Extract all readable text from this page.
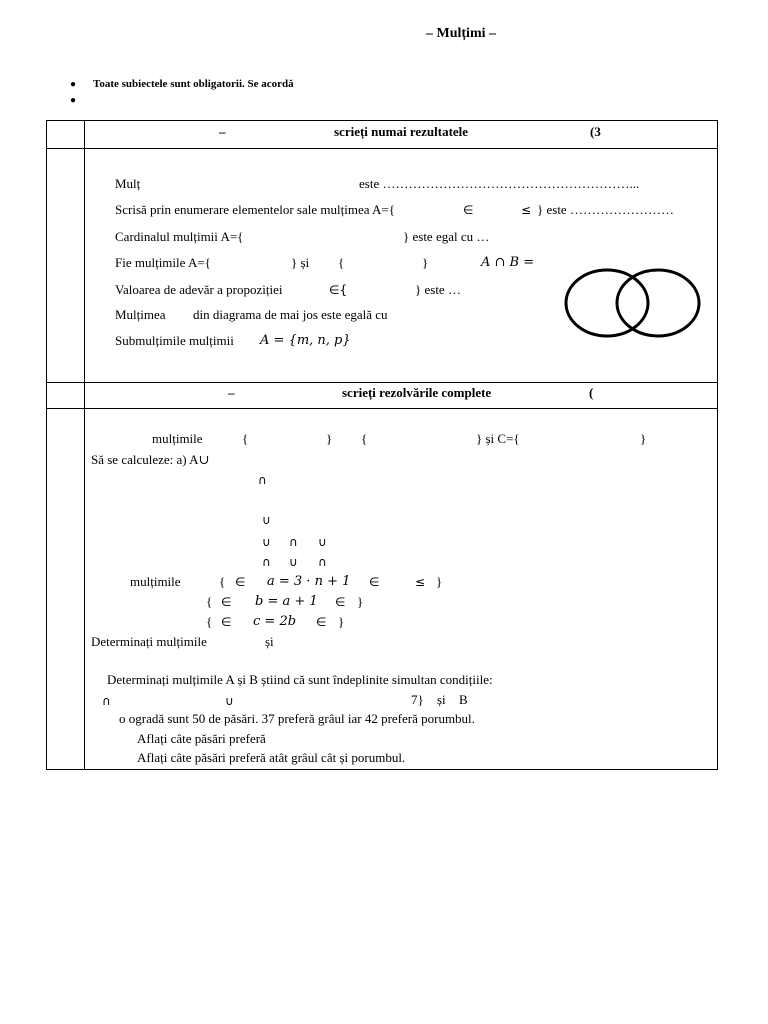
– Mulțimi –
● Toate subiectele sunt obligatorii. Se acordă
●
–	scrieți numai rezultatele	(3
Mulț	este …………………………………………………...
Scrisă prin enumerare elementelor sale mulțimea A={	∈	≤ } este ……………………
Cardinalul mulțimii A={	} este egal cu …
Fie mulțimile A={	} și {	}	A ∩ B =
Valoarea de adevăr a propoziției	∈{	} este …
Mulțimea din diagrama de mai jos este egală cu
Submulțimile mulțimii A = {m, n, p}
–	scrieți rezolvările complete	(
mulțimile	{	} {	} și C={	}
Să se calculeze: a) A∪
∩
∪
∪ ∩ ∪
∩ ∪ ∩
mulțimile	{ ∈ a = 3 · n + 1 ∈	≤ }
{ ∈ b = a + 1 ∈ }
{ ∈ c = 2b ∈ }
Determinați mulțimile	și
Determinați mulțimile A și B știind că sunt îndeplinite simultan condițiile:
∩	∪	7} și B
o ogradă sunt 50 de păsări. 37 preferă grâul iar 42 preferă porumbul.
Aflați câte păsări preferă
Aflați câte păsări preferă atât grâul cât și porumbul.
